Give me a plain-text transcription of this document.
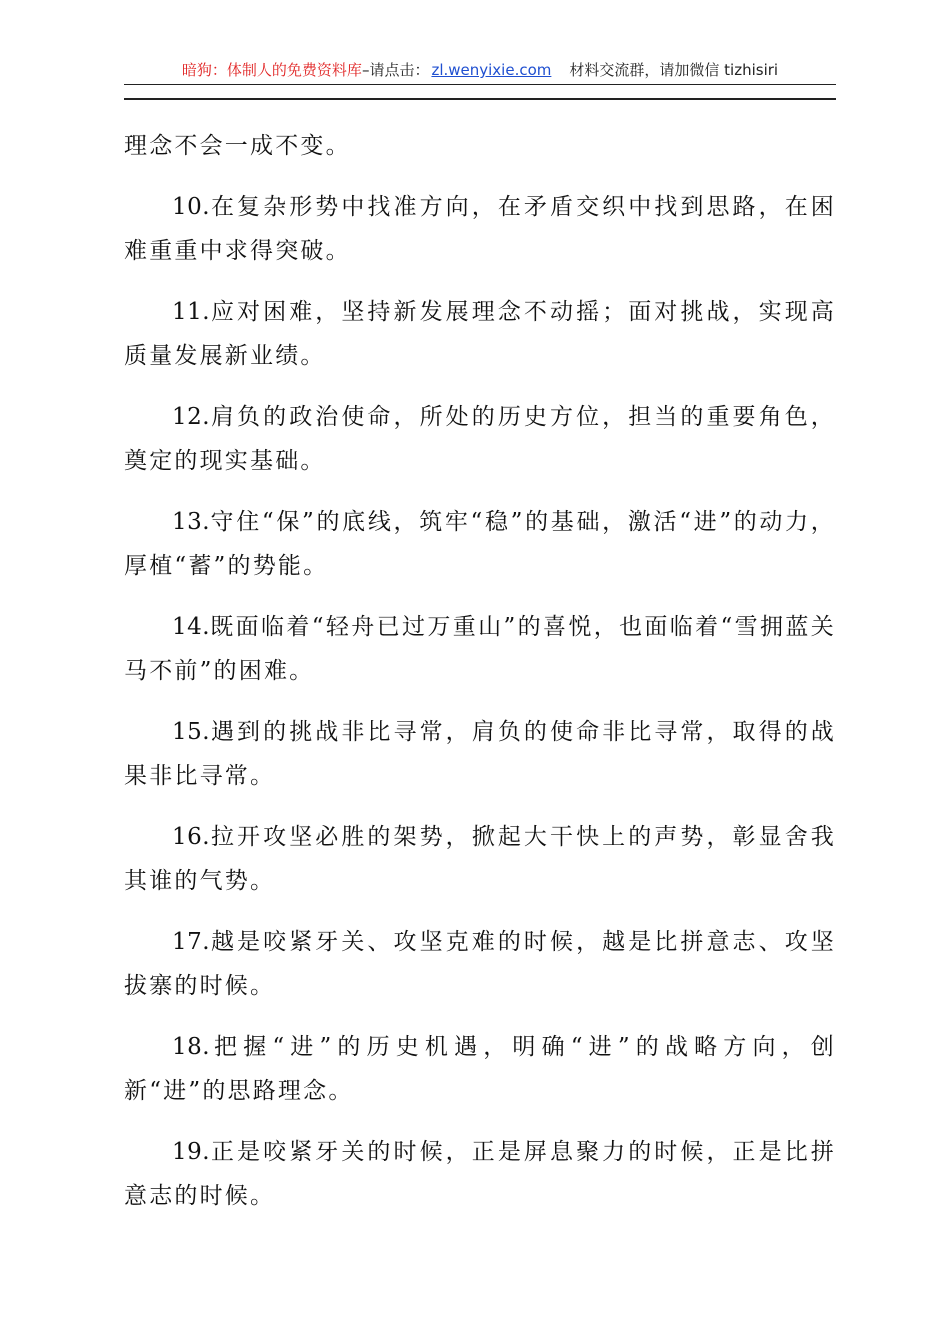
暗狗：体制人的免费资料库–请点击： zl.wenyixie.com 材料交流群，请加微信 tizhisiri

理念不会一成不变。

10.在复杂形势中找准方向，在矛盾交织中找到思路，在困难重重中求得突破。

11.应对困难，坚持新发展理念不动摇；面对挑战，实现高质量发展新业绩。

12.肩负的政治使命，所处的历史方位，担当的重要角色，奠定的现实基础。

13.守住“保”的底线，筑牢“稳”的基础，激活“进”的动力，厚植“蓄”的势能。

14.既面临着“轻舟已过万重山”的喜悦，也面临着“雪拥蓝关马不前”的困难。

15.遇到的挑战非比寻常，肩负的使命非比寻常，取得的战果非比寻常。

16.拉开攻坚必胜的架势，掀起大干快上的声势，彰显舍我其谁的气势。

17.越是咬紧牙关、攻坚克难的时候，越是比拼意志、攻坚拔寨的时候。

18.把握“进”的历史机遇，明确“进”的战略方向，创新“进”的思路理念。

19.正是咬紧牙关的时候，正是屏息聚力的时候，正是比拼意志的时候。
